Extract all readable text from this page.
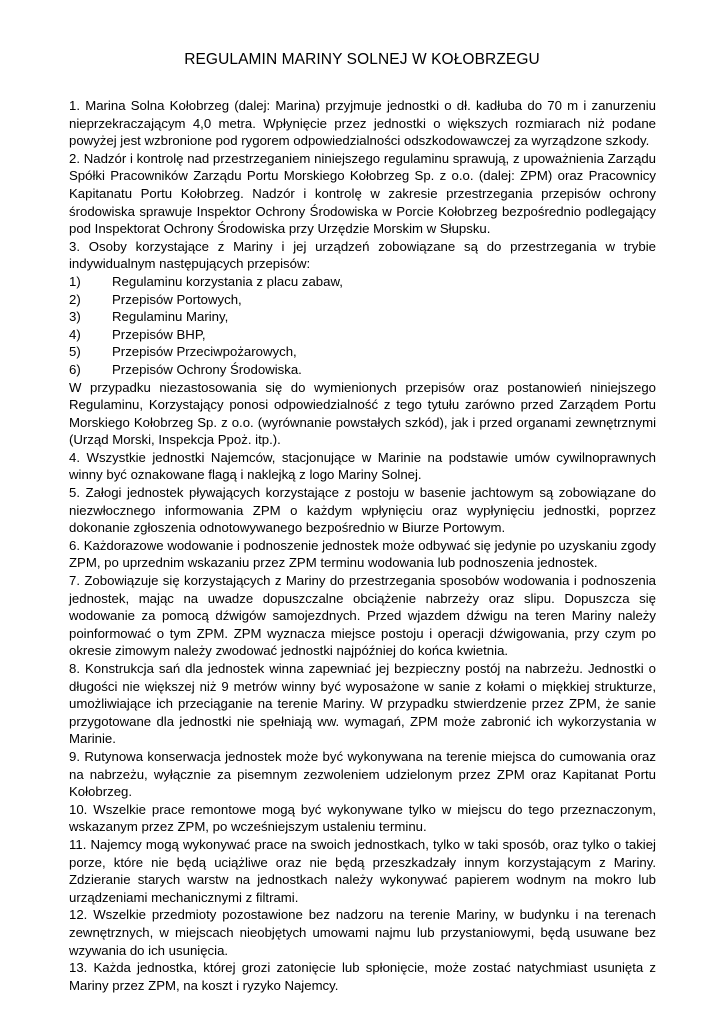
REGULAMIN MARINY SOLNEJ W KOŁOBRZEGU

1. Marina Solna Kołobrzeg (dalej: Marina) przyjmuje jednostki o dł. kadłuba do 70 m i zanurzeniu nieprzekraczającym 4,0 metra. Wpłynięcie przez jednostki o większych rozmiarach niż podane powyżej jest wzbronione pod rygorem odpowiedzialności odszkodowawczej za wyrządzone szkody.

2. Nadzór i kontrolę nad przestrzeganiem niniejszego regulaminu sprawują, z upoważnienia Zarządu Spółki Pracowników Zarządu Portu Morskiego Kołobrzeg Sp. z o.o. (dalej: ZPM) oraz Pracownicy Kapitanatu Portu Kołobrzeg. Nadzór i kontrolę w zakresie przestrzegania przepisów ochrony środowiska sprawuje Inspektor Ochrony Środowiska w Porcie Kołobrzeg bezpośrednio podlegający pod Inspektorat Ochrony Środowiska przy Urzędzie Morskim w Słupsku.

3. Osoby korzystające z Mariny i jej urządzeń zobowiązane są do przestrzegania w trybie indywidualnym następujących przepisów:

1)	Regulaminu korzystania z placu zabaw,
2)	Przepisów Portowych,
3)	Regulaminu Mariny,
4)	Przepisów BHP,
5)	Przepisów Przeciwpożarowych,
6)	Przepisów Ochrony Środowiska.

W przypadku niezastosowania się do wymienionych przepisów oraz postanowień niniejszego Regulaminu, Korzystający ponosi odpowiedzialność z tego tytułu zarówno przed Zarządem Portu Morskiego Kołobrzeg Sp. z o.o. (wyrównanie powstałych szkód), jak i przed organami zewnętrznymi (Urząd Morski, Inspekcja Ppoż. itp.).

4. Wszystkie jednostki Najemców, stacjonujące w Marinie na podstawie umów cywilnoprawnych winny być oznakowane flagą i naklejką z logo Mariny Solnej.

5. Załogi jednostek pływających korzystające z postoju w basenie jachtowym są zobowiązane do niezwłocznego informowania ZPM o każdym wpłynięciu oraz wypłynięciu jednostki, poprzez dokonanie zgłoszenia odnotowywanego bezpośrednio w Biurze Portowym.

6. Każdorazowe wodowanie i podnoszenie jednostek może odbywać się jedynie po uzyskaniu zgody ZPM, po uprzednim wskazaniu przez ZPM terminu wodowania lub podnoszenia jednostek.

7. Zobowiązuje się korzystających z Mariny do przestrzegania sposobów wodowania i podnoszenia jednostek, mając na uwadze dopuszczalne obciążenie nabrzeży oraz slipu. Dopuszcza się wodowanie za pomocą dźwigów samojezdnych. Przed wjazdem dźwigu na teren Mariny należy poinformować o tym ZPM. ZPM wyznacza miejsce postoju i operacji dźwigowania, przy czym po okresie zimowym należy zwodować jednostki najpóźniej do końca kwietnia.

8. Konstrukcja sań dla jednostek winna zapewniać jej bezpieczny postój na nabrzeżu. Jednostki o długości nie większej niż 9 metrów winny być wyposażone w sanie z kołami o miękkiej strukturze, umożliwiające ich przeciąganie na terenie Mariny. W przypadku stwierdzenie przez ZPM, że sanie przygotowane dla jednostki nie spełniają ww. wymagań, ZPM może zabronić ich wykorzystania w Marinie.

9. Rutynowa konserwacja jednostek może być wykonywana na terenie miejsca do cumowania oraz na nabrzeżu, wyłącznie za pisemnym zezwoleniem udzielonym przez ZPM oraz Kapitanat Portu Kołobrzeg.

10. Wszelkie prace remontowe mogą być wykonywane tylko w miejscu do tego przeznaczonym, wskazanym przez ZPM, po wcześniejszym ustaleniu terminu.

11. Najemcy mogą wykonywać prace na swoich jednostkach, tylko w taki sposób, oraz tylko o takiej porze, które nie będą uciążliwe oraz nie będą przeszkadzały innym korzystającym z Mariny. Zdzieranie starych warstw na jednostkach należy wykonywać papierem wodnym na mokro lub urządzeniami mechanicznymi z filtrami.

12. Wszelkie przedmioty pozostawione bez nadzoru na terenie Mariny, w budynku i na terenach zewnętrznych, w miejscach nieobjętych umowami najmu lub przystaniowymi, będą usuwane bez wzywania do ich usunięcia.

13. Każda jednostka, której grozi zatonięcie lub spłonięcie, może zostać natychmiast usunięta z Mariny przez ZPM, na koszt i ryzyko Najemcy.
